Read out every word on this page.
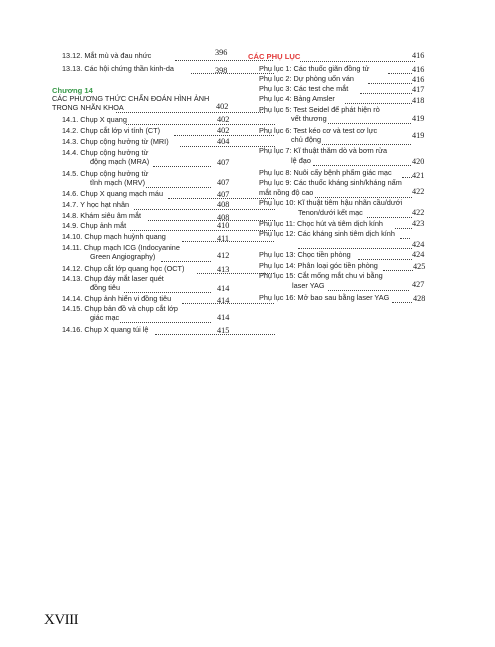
13.12. Mắt mù và đau nhức	396
13.13. Các hội chứng thần kinh-da	398
Chương 14
CÁC PHƯƠNG THỨC CHẨN ĐOÁN HÌNH ẢNH
TRONG NHÃN KHOA	402
14.1. Chụp X quang	402
14.2. Chụp cắt lớp vi tính (CT)	402
14.3. Chụp cộng hưởng từ (MRI)	404
14.4. Chụp cộng hưởng từ
động mạch (MRA)	407
14.5. Chụp cộng hưởng từ
tĩnh mạch (MRV)	407
14.6. Chụp X quang mạch máu	407
14.7. Y học hạt nhân	408
14.8. Khám siêu âm mắt	408
14.9. Chụp ảnh mắt	410
14.10. Chụp mạch huỳnh quang	411
14.11. Chụp mạch ICG (Indocyanine
Green Angiography)	412
14.12. Chụp cắt lớp quang học (OCT)	413
14.13. Chụp đáy mắt laser quét
đồng tiêu	414
14.14. Chụp ảnh hiển vi đồng tiêu	414
14.15. Chụp bản đồ và chụp cắt lớp
giác mạc	414
14.16. Chụp X quang túi lệ	415
CÁC PHỤ LỤC	416
Phụ lục 1: Các thuốc giãn đồng tử	416
Phụ lục 2: Dự phòng uốn ván	416
Phụ lục 3: Các test che mắt	417
Phụ lục 4: Bảng Amsler	418
Phụ lục 5: Test Seidel để phát hiện rò
vết thương	419
Phụ lục 6: Test kéo cơ và test cơ lực
chủ động	419
Phụ lục 7: Kĩ thuật thăm dò và bơm rửa
lệ đạo	420
Phụ lục 8: Nuôi cấy bệnh phẩm giác mạc 421
Phụ lục 9: Các thuốc kháng sinh/kháng nấm
mắt nồng độ cao	422
Phụ lục 10: Kĩ thuật tiêm hậu nhãn cầu/dưới
Tenon/dưới kết mạc	422
Phụ lục 11: Chọc hút và tiêm dịch kính	423
Phụ lục 12: Các kháng sinh tiêm dịch kính
424
Phụ lục 13: Chọc tiền phòng	424
Phụ lục 14: Phân loại góc tiền phòng	425
Phụ lục 15: Cắt mống mắt chu vi bằng
laser YAG	427
Phụ lục 16: Mở bao sau bằng laser YAG	428
XVIII
